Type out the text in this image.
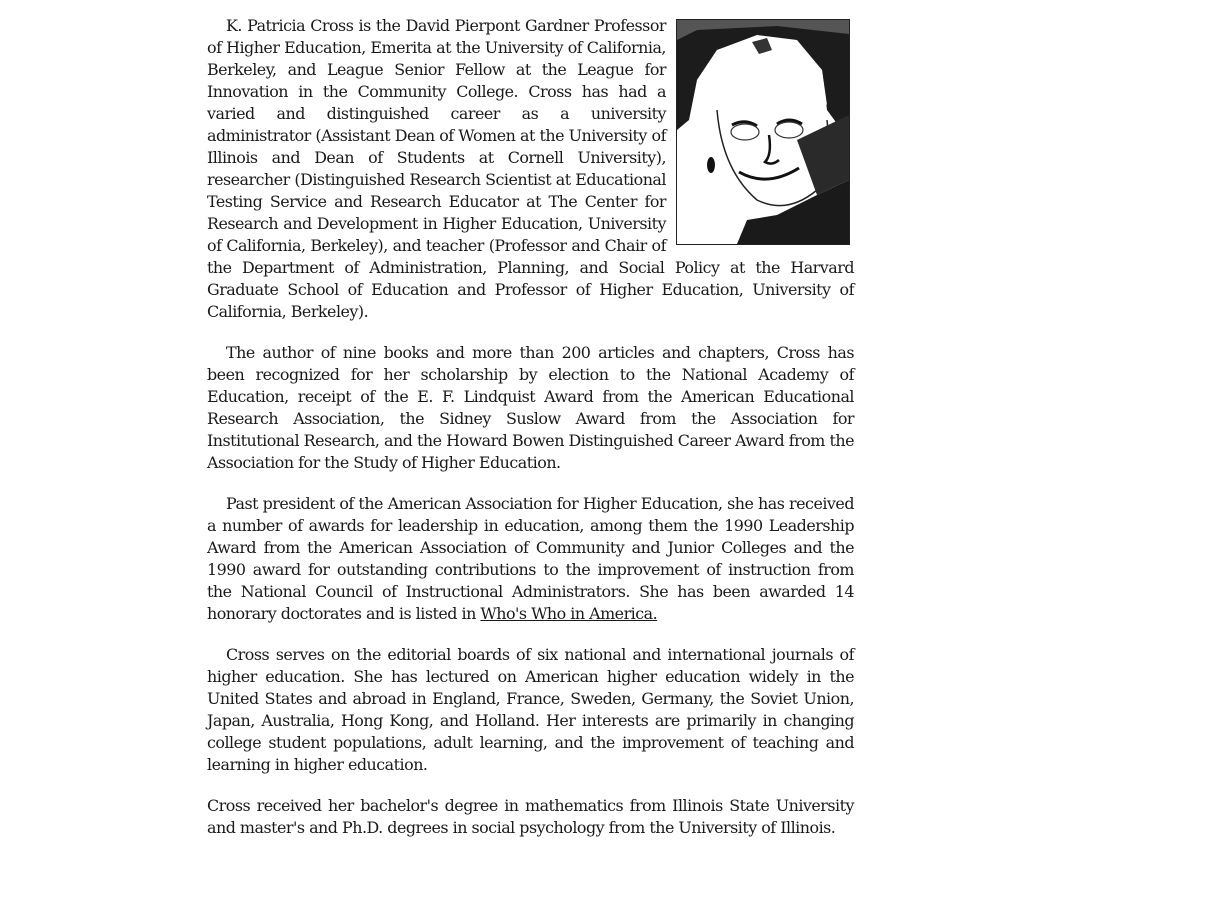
K. Patricia Cross is the David Pierpont Gardner Professor of Higher Education, Emerita at the University of California, Berkeley, and League Senior Fellow at the League for Innovation in the Community College. Cross has had a varied and distinguished career as a university administrator (Assistant Dean of Women at the University of Illinois and Dean of Students at Cornell University), researcher (Distinguished Research Scientist at Educational Testing Service and Research Educator at The Center for Research and Development in Higher Education, University of California, Berkeley), and teacher (Professor and Chair of the Department of Administration, Planning, and Social Policy at the Harvard Graduate School of Education and Professor of Higher Education, University of California, Berkeley).

The author of nine books and more than 200 articles and chapters, Cross has been recognized for her scholarship by election to the National Academy of Education, receipt of the E. F. Lindquist Award from the American Educational Research Association, the Sidney Suslow Award from the Association for Institutional Research, and the Howard Bowen Distinguished Career Award from the Association for the Study of Higher Education.

Past president of the American Association for Higher Education, she has received a number of awards for leadership in education, among them the 1990 Leadership Award from the American Association of Community and Junior Colleges and the 1990 award for outstanding contributions to the improvement of instruction from the National Council of Instructional Administrators. She has been awarded 14 honorary doctorates and is listed in Who's Who in America.

Cross serves on the editorial boards of six national and international journals of higher education. She has lectured on American higher education widely in the United States and abroad in England, France, Sweden, Germany, the Soviet Union, Japan, Australia, Hong Kong, and Holland. Her interests are primarily in changing college student populations, adult learning, and the improvement of teaching and learning in higher education.

Cross received her bachelor's degree in mathematics from Illinois State University and master's and Ph.D. degrees in social psychology from the University of Illinois.
